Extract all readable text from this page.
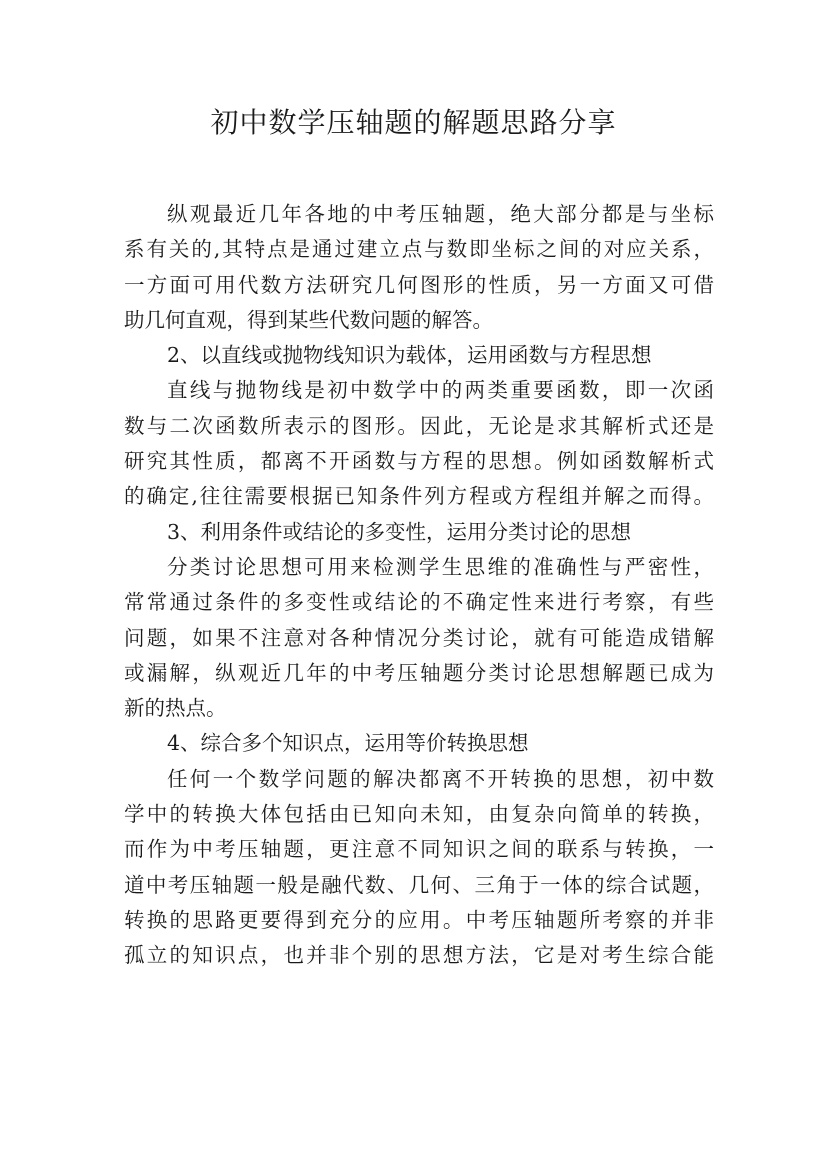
初中数学压轴题的解题思路分享
纵观最近几年各地的中考压轴题，绝大部分都是与坐标
系有关的,其特点是通过建立点与数即坐标之间的对应关系，
一方面可用代数方法研究几何图形的性质，另一方面又可借
助几何直观，得到某些代数问题的解答。
2、以直线或抛物线知识为载体，运用函数与方程思想
直线与抛物线是初中数学中的两类重要函数，即一次函
数与二次函数所表示的图形。因此，无论是求其解析式还是
研究其性质，都离不开函数与方程的思想。例如函数解析式
的确定,往往需要根据已知条件列方程或方程组并解之而得。
3、利用条件或结论的多变性，运用分类讨论的思想
分类讨论思想可用来检测学生思维的准确性与严密性，
常常通过条件的多变性或结论的不确定性来进行考察，有些
问题，如果不注意对各种情况分类讨论，就有可能造成错解
或漏解，纵观近几年的中考压轴题分类讨论思想解题已成为
新的热点。
4、综合多个知识点，运用等价转换思想
任何一个数学问题的解决都离不开转换的思想，初中数
学中的转换大体包括由已知向未知，由复杂向简单的转换，
而作为中考压轴题，更注意不同知识之间的联系与转换，一
道中考压轴题一般是融代数、几何、三角于一体的综合试题，
转换的思路更要得到充分的应用。中考压轴题所考察的并非
孤立的知识点，也并非个别的思想方法，它是对考生综合能
